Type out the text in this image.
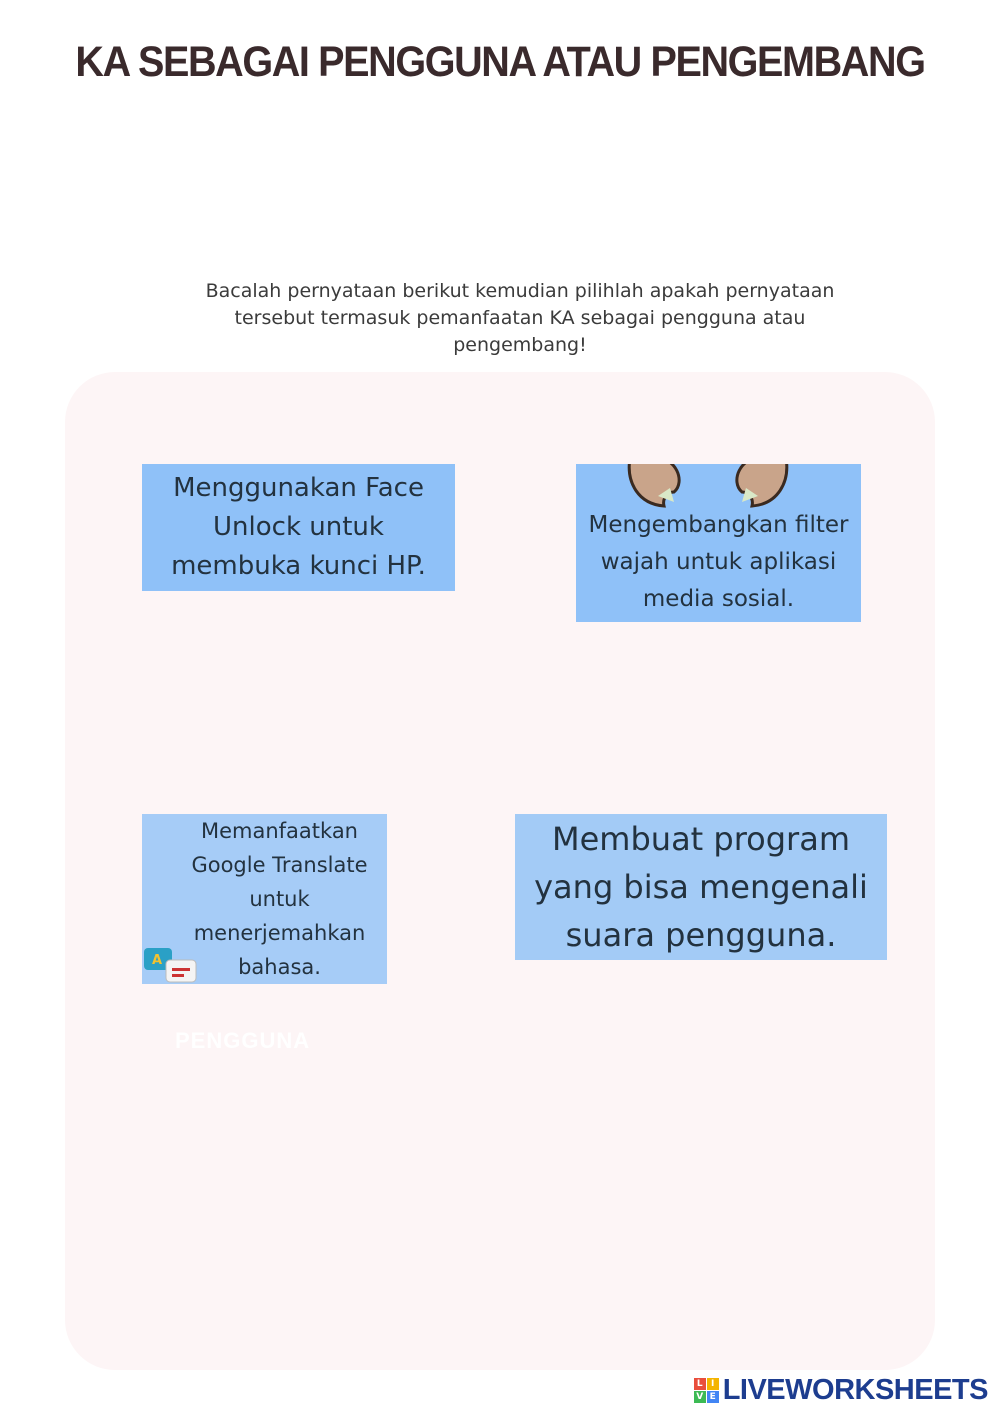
KA SEBAGAI PENGGUNA ATAU PENGEMBANG
Bacalah pernyataan berikut kemudian pilihlah apakah pernyataan tersebut termasuk pemanfaatan KA sebagai pengguna atau pengembang!
Menggunakan Face Unlock untuk membuka kunci HP.
Mengembangkan filter wajah untuk aplikasi media sosial.
A
Memanfaatkan Google Translate untuk menerjemahkan bahasa.
Membuat program yang bisa mengenali suara pengguna.
PENGGUNA
L I
V E LIVEWORKSHEETS
